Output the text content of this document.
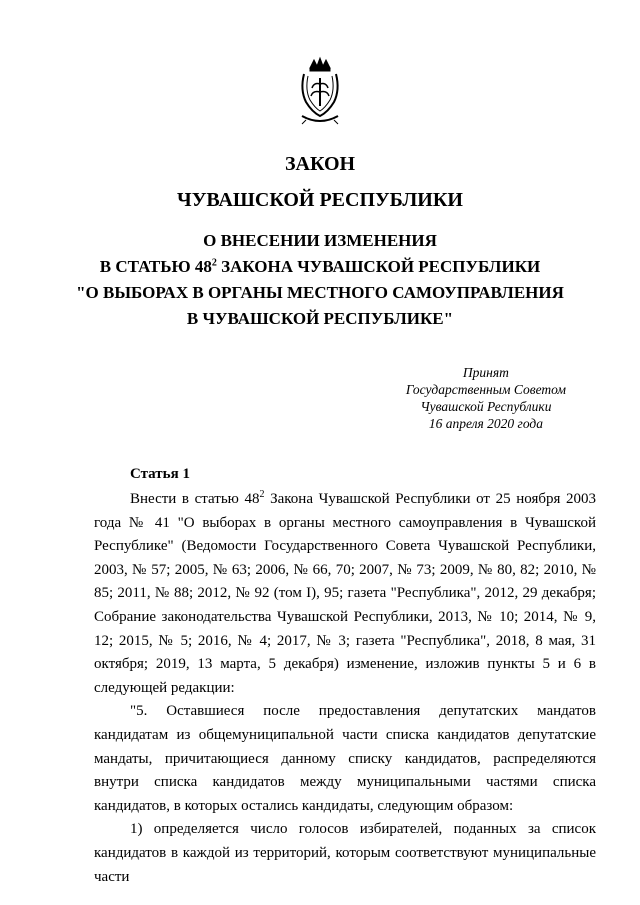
ЗАКОН
ЧУВАШСКОЙ РЕСПУБЛИКИ
О ВНЕСЕНИИ ИЗМЕНЕНИЯ
В СТАТЬЮ $48^2$ ЗАКОНА ЧУВАШСКОЙ РЕСПУБЛИКИ
"О ВЫБОРАХ В ОРГАНЫ МЕСТНОГО САМОУПРАВЛЕНИЯ
В ЧУВАШСКОЙ РЕСПУБЛИКЕ"
Принят
Государственным Советом
Чувашской Республики
16 апреля 2020 года
Статья 1

Внести в статью $48^2$ Закона Чувашской Республики от 25 ноября 2003 года № 41 "О выборах в органы местного самоуправления в Чувашской Республике" (Ведомости Государственного Совета Чувашской Республики, 2003, № 57; 2005, № 63; 2006, № 66, 70; 2007, № 73; 2009, № 80, 82; 2010, № 85; 2011, № 88; 2012, № 92 (том I), 95; газета "Республика", 2012, 29 декабря; Собрание законодательства Чувашской Республики, 2013, № 10; 2014, № 9, 12; 2015, № 5; 2016, № 4; 2017, № 3; газета "Республика", 2018, 8 мая, 31 октября; 2019, 13 марта, 5 декабря) изменение, изложив пункты 5 и 6 в следующей редакции:

"5. Оставшиеся после предоставления депутатских мандатов кандидатам из общемуниципальной части списка кандидатов депутатские мандаты, причитающиеся данному списку кандидатов, распределяются внутри списка кандидатов между муниципальными частями списка кандидатов, в которых остались кандидаты, следующим образом:

1) определяется число голосов избирателей, поданных за список кандидатов в каждой из территорий, которым соответствуют муниципальные части
